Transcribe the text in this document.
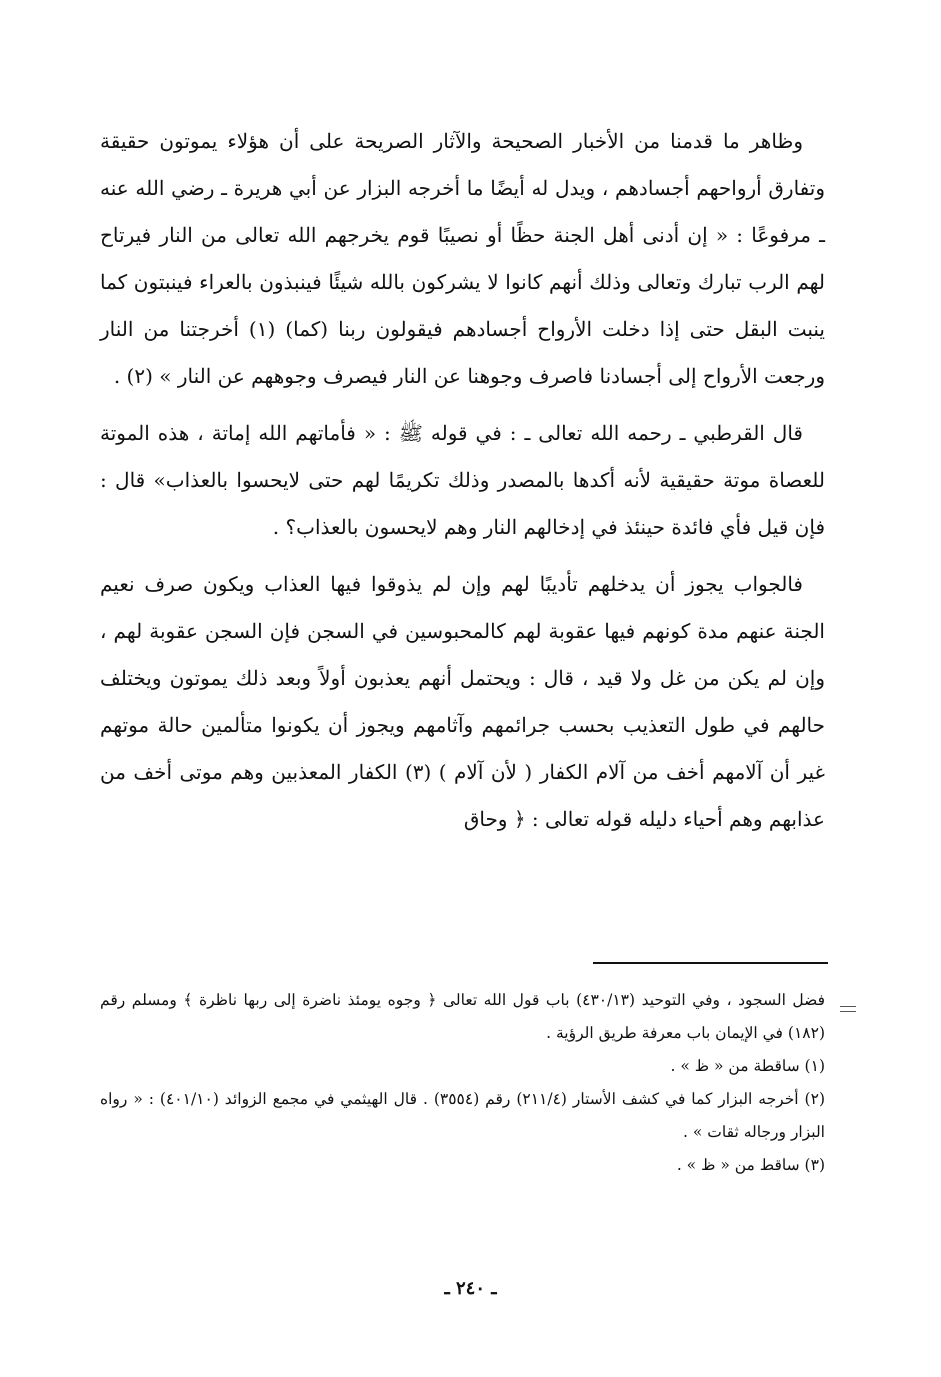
وظاهر ما قدمنا من الأخبار الصحيحة والآثار الصريحة على أن هؤلاء يموتون حقيقة وتفارق أرواحهم أجسادهم ، ويدل له أيضًا ما أخرجه البزار عن أبي هريرة ـ رضي الله عنه ـ مرفوعًا : « إن أدنى أهل الجنة حظًا أو نصيبًا قوم يخرجهم الله تعالى من النار فيرتاح لهم الرب تبارك وتعالى وذلك أنهم كانوا لا يشركون بالله شيئًا فينبذون بالعراء فينبتون كما ينبت البقل حتى إذا دخلت الأرواح أجسادهم فيقولون ربنا (كما) (١) أخرجتنا من النار ورجعت الأرواح إلى أجسادنا فاصرف وجوهنا عن النار فيصرف وجوههم عن النار » (٢) .

قال القرطبي ـ رحمه الله تعالى ـ : في قوله ﷺ : « فأماتهم الله إماتة ، هذه الموتة للعصاة موتة حقيقية لأنه أكدها بالمصدر وذلك تكريمًا لهم حتى لايحسوا بالعذاب» قال : فإن قيل فأي فائدة حينئذ في إدخالهم النار وهم لايحسون بالعذاب؟ .

فالجواب يجوز أن يدخلهم تأديبًا لهم وإن لم يذوقوا فيها العذاب ويكون صرف نعيم الجنة عنهم مدة كونهم فيها عقوبة لهم كالمحبوسين في السجن فإن السجن عقوبة لهم ، وإن لم يكن من غل ولا قيد ، قال : ويحتمل أنهم يعذبون أولاً وبعد ذلك يموتون ويختلف حالهم في طول التعذيب بحسب جرائمهم وآثامهم ويجوز أن يكونوا متألمين حالة موتهم غير أن آلامهم أخف من آلام الكفار ( لأن آلام ) (٣) الكفار المعذبين وهم موتى أخف من عذابهم وهم أحياء دليله قوله تعالى : ﴿ وحاق

فضل السجود ، وفي التوحيد (٤٣٠/١٣) باب قول الله تعالى ﴿ وجوه يومئذ ناضرة إلى ربها ناظرة ﴾ ومسلم رقم (١٨٢) في الإيمان باب معرفة طريق الرؤية .

(١) ساقطة من « ظ » .

(٢) أخرجه البزار كما في كشف الأستار (٢١١/٤) رقم (٣٥٥٤) . قال الهيثمي في مجمع الزوائد (٤٠١/١٠) : « رواه البزار ورجاله ثقات » .

(٣) ساقط من « ظ » .

ـ ٢٤٠ ـ
